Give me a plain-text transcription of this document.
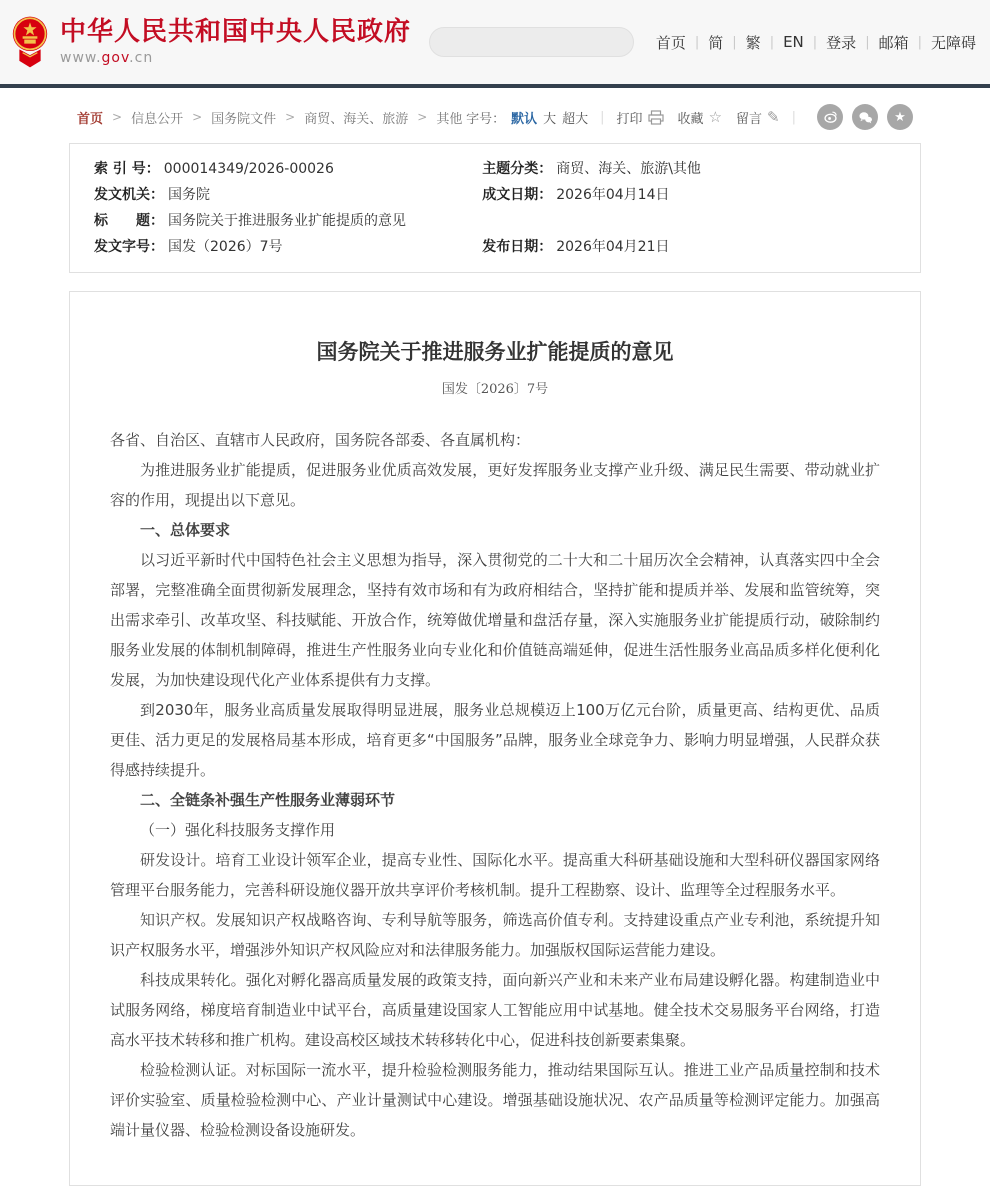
中华人民共和国中央人民政府
www.gov.cn
首页 | 简 | 繁 | EN | 登录 | 邮箱 | 无障碍
首页 > 信息公开 > 国务院文件 > 商贸、海关、旅游 > 其他 字号： 默认 大 超大 | 打印	收藏 ☆ 留言 ✎ |	★
索 引 号： 000014349/2026-00026	主题分类： 商贸、海关、旅游\其他
发文机关： 国务院	成文日期： 2026年04月14日
标　　题： 国务院关于推进服务业扩能提质的意见
发文字号： 国发（2026）7号	发布日期： 2026年04月21日
国务院关于推进服务业扩能提质的意见
国发〔2026〕7号

各省、自治区、直辖市人民政府，国务院各部委、各直属机构：

为推进服务业扩能提质，促进服务业优质高效发展，更好发挥服务业支撑产业升级、满足民生需要、带动就业扩容的作用，现提出以下意见。

一、总体要求

以习近平新时代中国特色社会主义思想为指导，深入贯彻党的二十大和二十届历次全会精神，认真落实四中全会部署，完整准确全面贯彻新发展理念，坚持有效市场和有为政府相结合，坚持扩能和提质并举、发展和监管统筹，突出需求牵引、改革攻坚、科技赋能、开放合作，统筹做优增量和盘活存量，深入实施服务业扩能提质行动，破除制约服务业发展的体制机制障碍，推进生产性服务业向专业化和价值链高端延伸，促进生活性服务业高品质多样化便利化发展，为加快建设现代化产业体系提供有力支撑。

到2030年，服务业高质量发展取得明显进展，服务业总规模迈上100万亿元台阶，质量更高、结构更优、品质更佳、活力更足的发展格局基本形成，培育更多“中国服务”品牌，服务业全球竞争力、影响力明显增强，人民群众获得感持续提升。

二、全链条补强生产性服务业薄弱环节

（一）强化科技服务支撑作用

研发设计。培育工业设计领军企业，提高专业性、国际化水平。提高重大科研基础设施和大型科研仪器国家网络管理平台服务能力，完善科研设施仪器开放共享评价考核机制。提升工程勘察、设计、监理等全过程服务水平。

知识产权。发展知识产权战略咨询、专利导航等服务，筛选高价值专利。支持建设重点产业专利池，系统提升知识产权服务水平，增强涉外知识产权风险应对和法律服务能力。加强版权国际运营能力建设。

科技成果转化。强化对孵化器高质量发展的政策支持，面向新兴产业和未来产业布局建设孵化器。构建制造业中试服务网络，梯度培育制造业中试平台，高质量建设国家人工智能应用中试基地。健全技术交易服务平台网络，打造高水平技术转移和推广机构。建设高校区域技术转移转化中心，促进科技创新要素集聚。

检验检测认证。对标国际一流水平，提升检验检测服务能力，推动结果国际互认。推进工业产品质量控制和技术评价实验室、质量检验检测中心、产业计量测试中心建设。增强基础设施状况、农产品质量等检测评定能力。加强高端计量仪器、检验检测设备设施研发。
